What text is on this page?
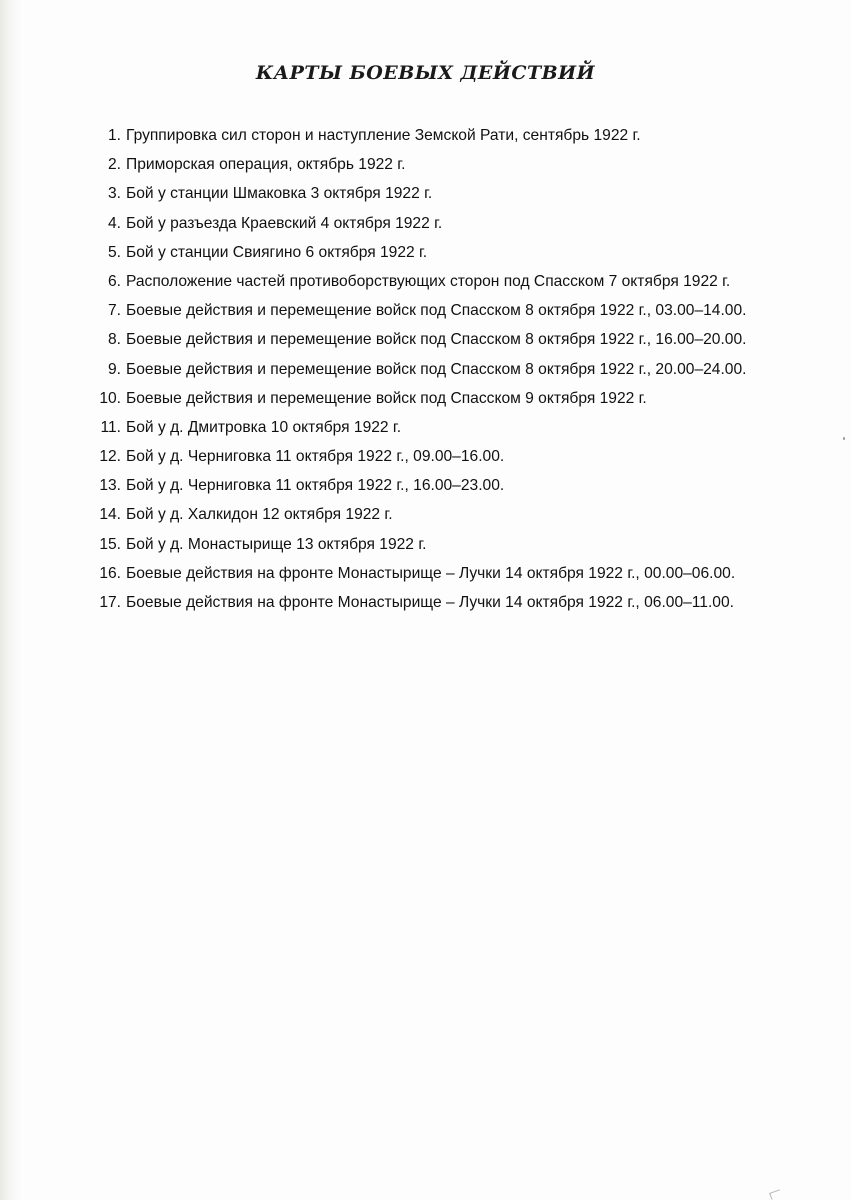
КАРТЫ БОЕВЫХ ДЕЙСТВИЙ
1. Группировка сил сторон и наступление Земской Рати, сентябрь 1922 г.
2. Приморская операция, октябрь 1922 г.
3. Бой у станции Шмаковка 3 октября 1922 г.
4. Бой у разъезда Краевский 4 октября 1922 г.
5. Бой у станции Свиягино 6 октября 1922 г.
6. Расположение частей противоборствующих сторон под Спасском 7 октября 1922 г.
7. Боевые действия и перемещение войск под Спасском 8 октября 1922 г., 03.00–14.00.
8. Боевые действия и перемещение войск под Спасском 8 октября 1922 г., 16.00–20.00.
9. Боевые действия и перемещение войск под Спасском 8 октября 1922 г., 20.00–24.00.
10. Боевые действия и перемещение войск под Спасском 9 октября 1922 г.
11. Бой у д. Дмитровка 10 октября 1922 г.
12. Бой у д. Черниговка 11 октября 1922 г., 09.00–16.00.
13. Бой у д. Черниговка 11 октября 1922 г., 16.00–23.00.
14. Бой у д. Халкидон 12 октября 1922 г.
15. Бой у д. Монастырище 13 октября 1922 г.
16. Боевые действия на фронте Монастырище – Лучки 14 октября 1922 г., 00.00–06.00.
17. Боевые действия на фронте Монастырище – Лучки 14 октября 1922 г., 06.00–11.00.
